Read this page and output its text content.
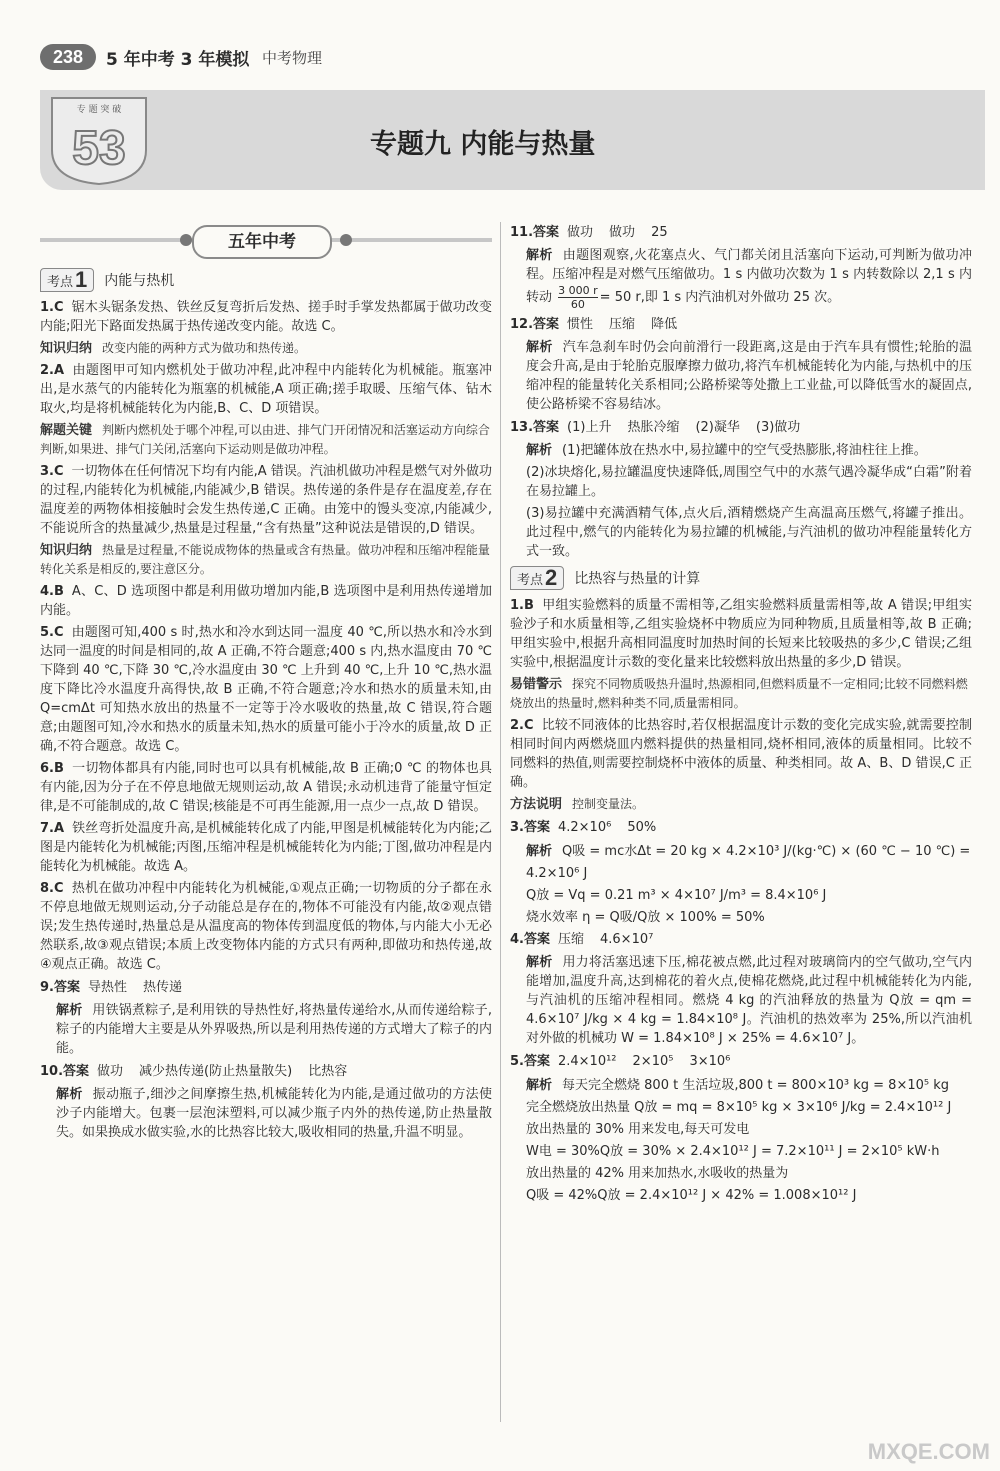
238	5 年中考 3 年模拟 中考物理
专 题 突 破
53	专题九 内能与热量
五年中考
考点 1 内能与热机
1.C 锯木头锯条发热、铁丝反复弯折后发热、搓手时手掌发热都属于做功改变内能;阳光下路面发热属于热传递改变内能。故选 C。
知识归纳 改变内能的两种方式为做功和热传递。
2.A 由题图甲可知内燃机处于做功冲程,此冲程中内能转化为机械能。瓶塞冲出,是水蒸气的内能转化为瓶塞的机械能,A 项正确;搓手取暖、压缩气体、钻木取火,均是将机械能转化为内能,B、C、D 项错误。
解题关键 判断内燃机处于哪个冲程,可以由进、排气门开闭情况和活塞运动方向综合判断,如果进、排气门关闭,活塞向下运动则是做功冲程。
3.C 一切物体在任何情况下均有内能,A 错误。汽油机做功冲程是燃气对外做功的过程,内能转化为机械能,内能减少,B 错误。热传递的条件是存在温度差,存在温度差的两物体相接触时会发生热传递,C 正确。由笼中的馒头变凉,内能减少,不能说所含的热量减少,热量是过程量,“含有热量”这种说法是错误的,D 错误。
知识归纳 热量是过程量,不能说成物体的热量或含有热量。做功冲程和压缩冲程能量转化关系是相反的,要注意区分。
4.B A、C、D 选项图中都是利用做功增加内能,B 选项图中是利用热传递增加内能。
5.C 由题图可知,400 s 时,热水和冷水到达同一温度 40 ℃,所以热水和冷水到达同一温度的时间是相同的,故 A 正确,不符合题意;400 s 内,热水温度由 70 ℃ 下降到 40 ℃,下降 30 ℃,冷水温度由 30 ℃ 上升到 40 ℃,上升 10 ℃,热水温度下降比冷水温度升高得快,故 B 正确,不符合题意;冷水和热水的质量未知,由 Q=cmΔt 可知热水放出的热量不一定等于冷水吸收的热量,故 C 错误,符合题意;由题图可知,冷水和热水的质量未知,热水的质量可能小于冷水的质量,故 D 正确,不符合题意。故选 C。
6.B 一切物体都具有内能,同时也可以具有机械能,故 B 正确;0 ℃ 的物体也具有内能,因为分子在不停息地做无规则运动,故 A 错误;永动机违背了能量守恒定律,是不可能制成的,故 C 错误;核能是不可再生能源,用一点少一点,故 D 错误。
7.A 铁丝弯折处温度升高,是机械能转化成了内能,甲图是机械能转化为内能;乙图是内能转化为机械能;丙图,压缩冲程是机械能转化为内能;丁图,做功冲程是内能转化为机械能。故选 A。
8.C 热机在做功冲程中内能转化为机械能,①观点正确;一切物质的分子都在永不停息地做无规则运动,分子动能总是存在的,物体不可能没有内能,故②观点错误;发生热传递时,热量总是从温度高的物体传到温度低的物体,与内能大小无必然联系,故③观点错误;本质上改变物体内能的方式只有两种,即做功和热传递,故④观点正确。故选 C。
9.答案 导热性 热传递
解析 用铁锅煮粽子,是利用铁的导热性好,将热量传递给水,从而传递给粽子,粽子的内能增大主要是从外界吸热,所以是利用热传递的方式增大了粽子的内能。
10.答案 做功 减少热传递(防止热量散失) 比热容
解析 振动瓶子,细沙之间摩擦生热,机械能转化为内能,是通过做功的方法使沙子内能增大。包裹一层泡沫塑料,可以减少瓶子内外的热传递,防止热量散失。如果换成水做实验,水的比热容比较大,吸收相同的热量,升温不明显。
11.答案 做功 做功 25
解析 由题图观察,火花塞点火、气门都关闭且活塞向下运动,可判断为做功冲程。压缩冲程是对燃气压缩做功。1 s 内做功次数为 1 s 内转数除以 2,1 s 内转动 $\frac{3 000 r}{60} = 50$ r,即 1 s 内汽油机对外做功 25 次。
12.答案 惯性 压缩 降低
解析 汽车急刹车时仍会向前滑行一段距离,这是由于汽车具有惯性;轮胎的温度会升高,是由于轮胎克服摩擦力做功,将汽车机械能转化为内能,与热机中的压缩冲程的能量转化关系相同;公路桥梁等处撒上工业盐,可以降低雪水的凝固点,使公路桥梁不容易结冰。
13.答案 (1)上升 热胀冷缩 (2)凝华 (3)做功
解析 (1)把罐体放在热水中,易拉罐中的空气受热膨胀,将油柱往上推。
(2)冰块熔化,易拉罐温度快速降低,周围空气中的水蒸气遇冷凝华成“白霜”附着在易拉罐上。
(3)易拉罐中充满酒精气体,点火后,酒精燃烧产生高温高压燃气,将罐子推出。此过程中,燃气的内能转化为易拉罐的机械能,与汽油机的做功冲程能量转化方式一致。
考点 2 比热容与热量的计算
1.B 甲组实验燃料的质量不需相等,乙组实验燃料质量需相等,故 A 错误;甲组实验沙子和水质量相等,乙组实验烧杯中物质应为同种物质,且质量相等,故 B 正确;甲组实验中,根据升高相同温度时加热时间的长短来比较吸热的多少,C 错误;乙组实验中,根据温度计示数的变化量来比较燃料放出热量的多少,D 错误。
易错警示 探究不同物质吸热升温时,热源相同,但燃料质量不一定相同;比较不同燃料燃烧放出的热量时,燃料种类不同,质量需相同。
2.C 比较不同液体的比热容时,若仅根据温度计示数的变化完成实验,就需要控制相同时间内两燃烧皿内燃料提供的热量相同,烧杯相同,液体的质量相同。比较不同燃料的热值,则需要控制烧杯中液体的质量、种类相同。故 A、B、D 错误,C 正确。
方法说明 控制变量法。
3.答案 4.2×10⁶ 50%
解析 Q吸 = mc水Δt = 20 kg × 4.2×10³ J/(kg·℃) × (60 ℃ − 10 ℃) =
4.2×10⁶ J
Q放 = Vq = 0.21 m³ × 4×10⁷ J/m³ = 8.4×10⁶ J
烧水效率 η = Q吸/Q放 × 100% = 50%
4.答案 压缩 4.6×10⁷
解析 用力将活塞迅速下压,棉花被点燃,此过程对玻璃筒内的空气做功,空气内能增加,温度升高,达到棉花的着火点,使棉花燃烧,此过程中机械能转化为内能,与汽油机的压缩冲程相同。燃烧 4 kg 的汽油释放的热量为 Q放 = qm = 4.6×10⁷ J/kg × 4 kg = 1.84×10⁸ J。汽油机的热效率为 25%,所以汽油机对外做的机械功 W = 1.84×10⁸ J × 25% = 4.6×10⁷ J。
5.答案 2.4×10¹² 2×10⁵ 3×10⁶
解析 每天完全燃烧 800 t 生活垃圾,800 t = 800×10³ kg = 8×10⁵ kg
完全燃烧放出热量 Q放 = mq = 8×10⁵ kg × 3×10⁶ J/kg = 2.4×10¹² J
放出热量的 30% 用来发电,每天可发电
W电 = 30%Q放 = 30% × 2.4×10¹² J = 7.2×10¹¹ J = 2×10⁵ kW·h
放出热量的 42% 用来加热水,水吸收的热量为
Q吸 = 42%Q放 = 2.4×10¹² J × 42% = 1.008×10¹² J
MXQE.COM
